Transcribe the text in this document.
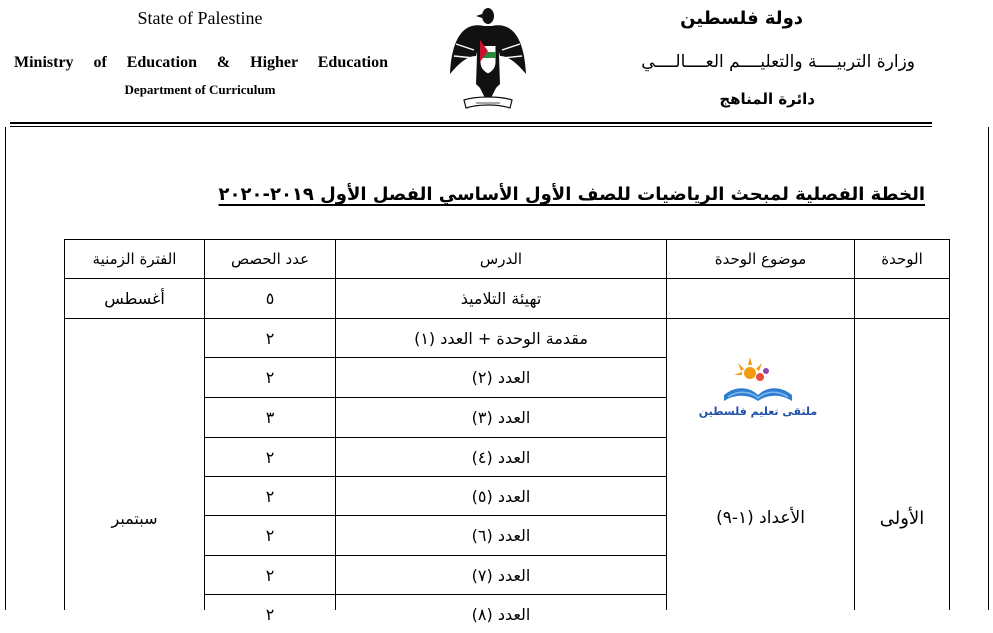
State of Palestine
Ministry of Education & Higher Education
Department of Curriculum
دولة فلسطين
وزارة التربيــــة والتعليــــم العــــالــــي
دائرة المناهج
الخطة الفصلية لمبحث الرياضيات للصف الأول الأساسي الفصل الأول ٢٠١٩-٢٠٢٠
الوحدة
موضوع الوحدة
الدرس
عدد الحصص
الفترة الزمنية
تهيئة التلاميذ
٥
أغسطس
مقدمة الوحدة + العدد (١)
٢
العدد (٢)
٢
العدد (٣)
٣
العدد (٤)
٢
العدد (٥)
٢
العدد (٦)
٢
العدد (٧)
٢
العدد (٨)
٢
الأولى
الأعداد (١-٩)
سبتمبر
ملتقى تعليم فلسطين
